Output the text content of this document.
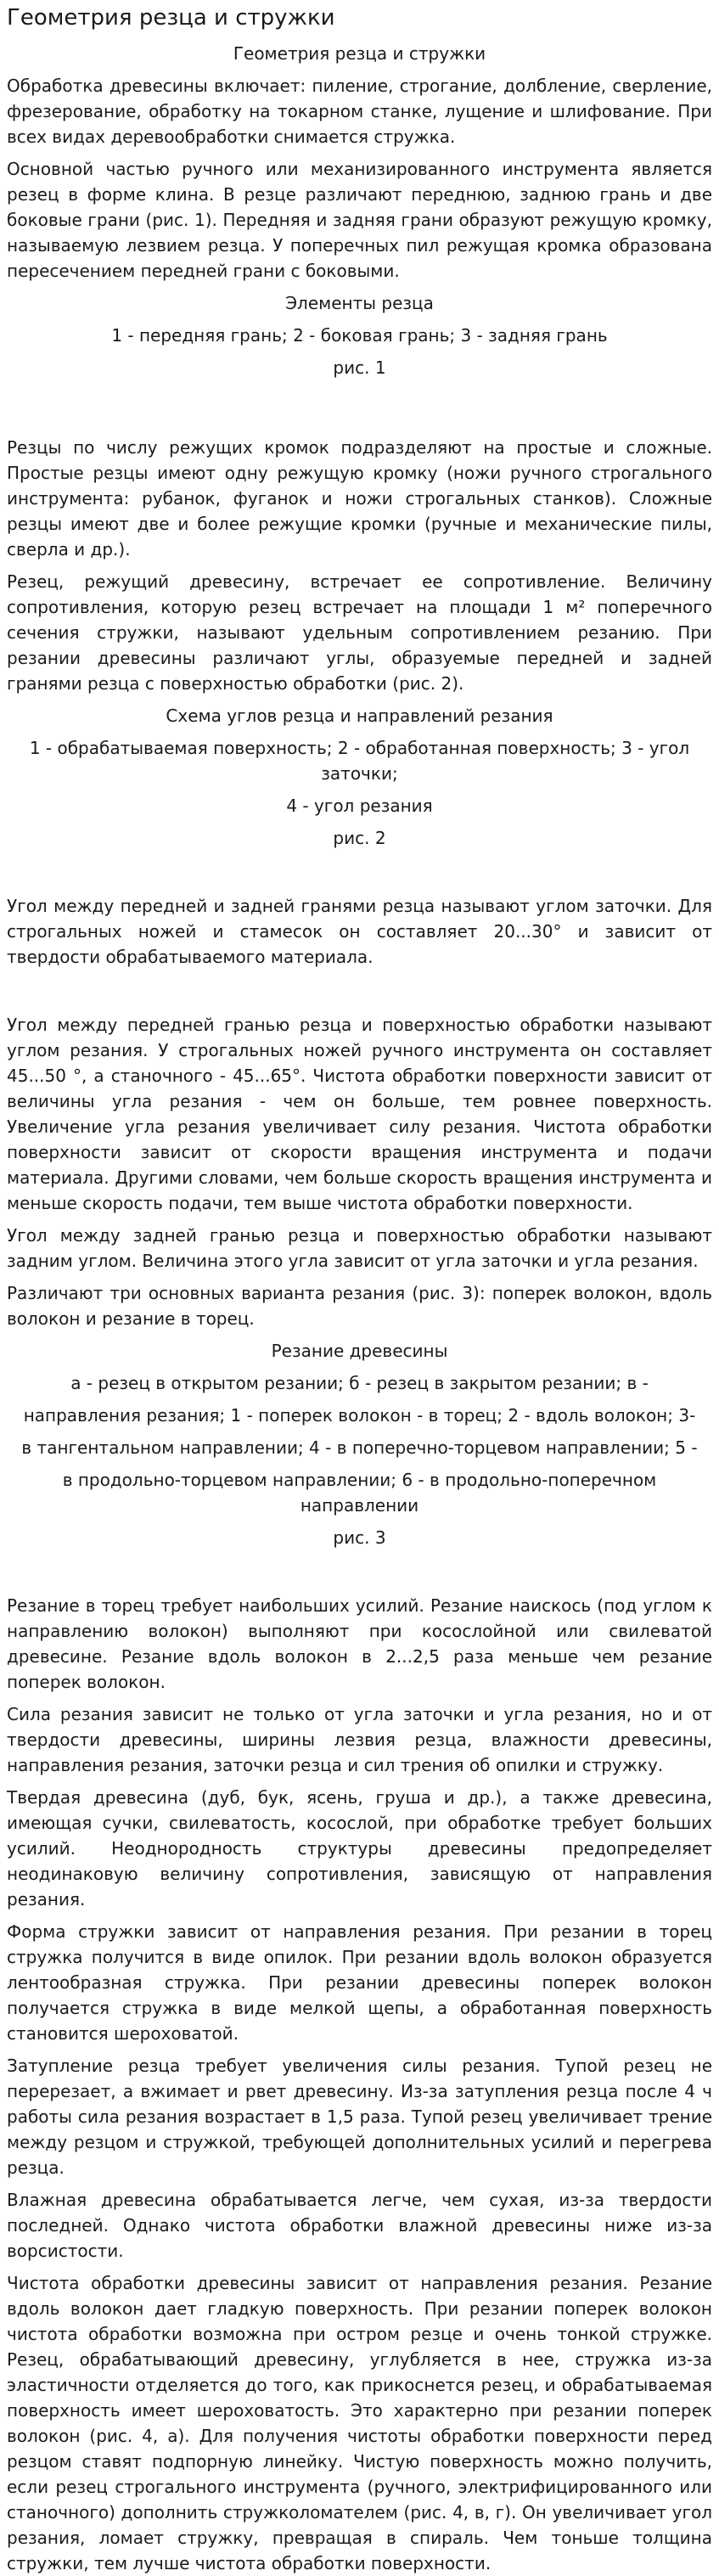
Геометрия резца и стружки
Геометрия резца и стружки

Обработка древесины включает: пиление, строгание, долбление, сверление, фрезерование, обработку на токарном станке, лущение и шлифование. При всех видах деревообработки снимается стружка.

Основной частью ручного или механизированного инструмента является резец в форме клина. В резце различают переднюю, заднюю грань и две боковые грани (рис. 1). Передняя и задняя грани образуют режущую кромку, называемую лезвием резца. У поперечных пил режущая кромка образована пересечением передней грани с боковыми.

Элементы резца
1 - передняя грань; 2 - боковая грань; 3 - задняя грань
рис. 1

Резцы по числу режущих кромок подразделяют на простые и сложные. Простые резцы имеют одну режущую кромку (ножи ручного строгального инструмента: рубанок, фуганок и ножи строгальных станков). Сложные резцы имеют две и более режущие кромки (ручные и механические пилы, сверла и др.).

Резец, режущий древесину, встречает ее сопротивление. Величину сопротивления, которую резец встречает на площади 1 м² поперечного сечения стружки, называют удельным сопротивлением резанию. При резании древесины различают углы, образуемые передней и задней гранями резца с поверхностью обработки (рис. 2).

Схема углов резца и направлений резания
1 - обрабатываемая поверхность; 2 - обработанная поверхность; 3 - угол заточки;
4 - угол резания
рис. 2

Угол между передней и задней гранями резца называют углом заточки. Для строгальных ножей и стамесок он составляет 20...30° и зависит от твердости обрабатываемого материала.

Угол между передней гранью резца и поверхностью обработки называют углом резания. У строгальных ножей ручного инструмента он составляет 45...50 °, а станочного - 45...65°. Чистота обработки поверхности зависит от величины угла резания - чем он больше, тем ровнее поверхность. Увеличение угла резания увеличивает силу резания. Чистота обработки поверхности зависит от скорости вращения инструмента и подачи материала. Другими словами, чем больше скорость вращения инструмента и меньше скорость подачи, тем выше чистота обработки поверхности.

Угол между задней гранью резца и поверхностью обработки называют задним углом. Величина этого угла зависит от угла заточки и угла резания.

Различают три основных варианта резания (рис. 3): поперек волокон, вдоль волокон и резание в торец.

Резание древесины
а - резец в открытом резании; б - резец в закрытом резании; в -
направления резания; 1 - поперек волокон - в торец; 2 - вдоль волокон; 3-
в тангентальном направлении; 4 - в поперечно-торцевом направлении; 5 -
в продольно-торцевом направлении; 6 - в продольно-поперечном направлении
рис. 3

Резание в торец требует наибольших усилий. Резание наискось (под углом к направлению волокон) выполняют при косослойной или свилеватой древесине. Резание вдоль волокон в 2...2,5 раза меньше чем резание поперек волокон.

Сила резания зависит не только от угла заточки и угла резания, но и от твердости древесины, ширины лезвия резца, влажности древесины, направления резания, заточки резца и сил трения об опилки и стружку.

Твердая древесина (дуб, бук, ясень, груша и др.), а также древесина, имеющая сучки, свилеватость, косослой, при обработке требует больших усилий. Неоднородность структуры древесины предопределяет неодинаковую величину сопротивления, зависящую от направления резания.

Форма стружки зависит от направления резания. При резании в торец стружка получится в виде опилок. При резании вдоль волокон образуется лентообразная стружка. При резании древесины поперек волокон получается стружка в виде мелкой щепы, а обработанная поверхность становится шероховатой.

Затупление резца требует увеличения силы резания. Тупой резец не перерезает, а вжимает и рвет древесину. Из-за затупления резца после 4 ч работы сила резания возрастает в 1,5 раза. Тупой резец увеличивает трение между резцом и стружкой, требующей дополнительных усилий и перегрева резца.

Влажная древесина обрабатывается легче, чем сухая, из-за твердости последней. Однако чистота обработки влажной древесины ниже из-за ворсистости.

Чистота обработки древесины зависит от направления резания. Резание вдоль волокон дает гладкую поверхность. При резании поперек волокон чистота обработки возможна при остром резце и очень тонкой стружке. Резец, обрабатывающий древесину, углубляется в нее, стружка из-за эластичности отделяется до того, как прикоснется резец, и обрабатываемая поверхность имеет шероховатость. Это характерно при резании поперек волокон (рис. 4, а). Для получения чистоты обработки поверхности перед резцом ставят подпорную линейку. Чистую поверхность можно получить, если резец строгального инструмента (ручного, электрифицированного или станочного) дополнить стружколомателем (рис. 4, в, г). Он увеличивает угол резания, ломает стружку, превращая в спираль. Чем тоньше толщина стружки, тем лучше чистота обработки поверхности.
